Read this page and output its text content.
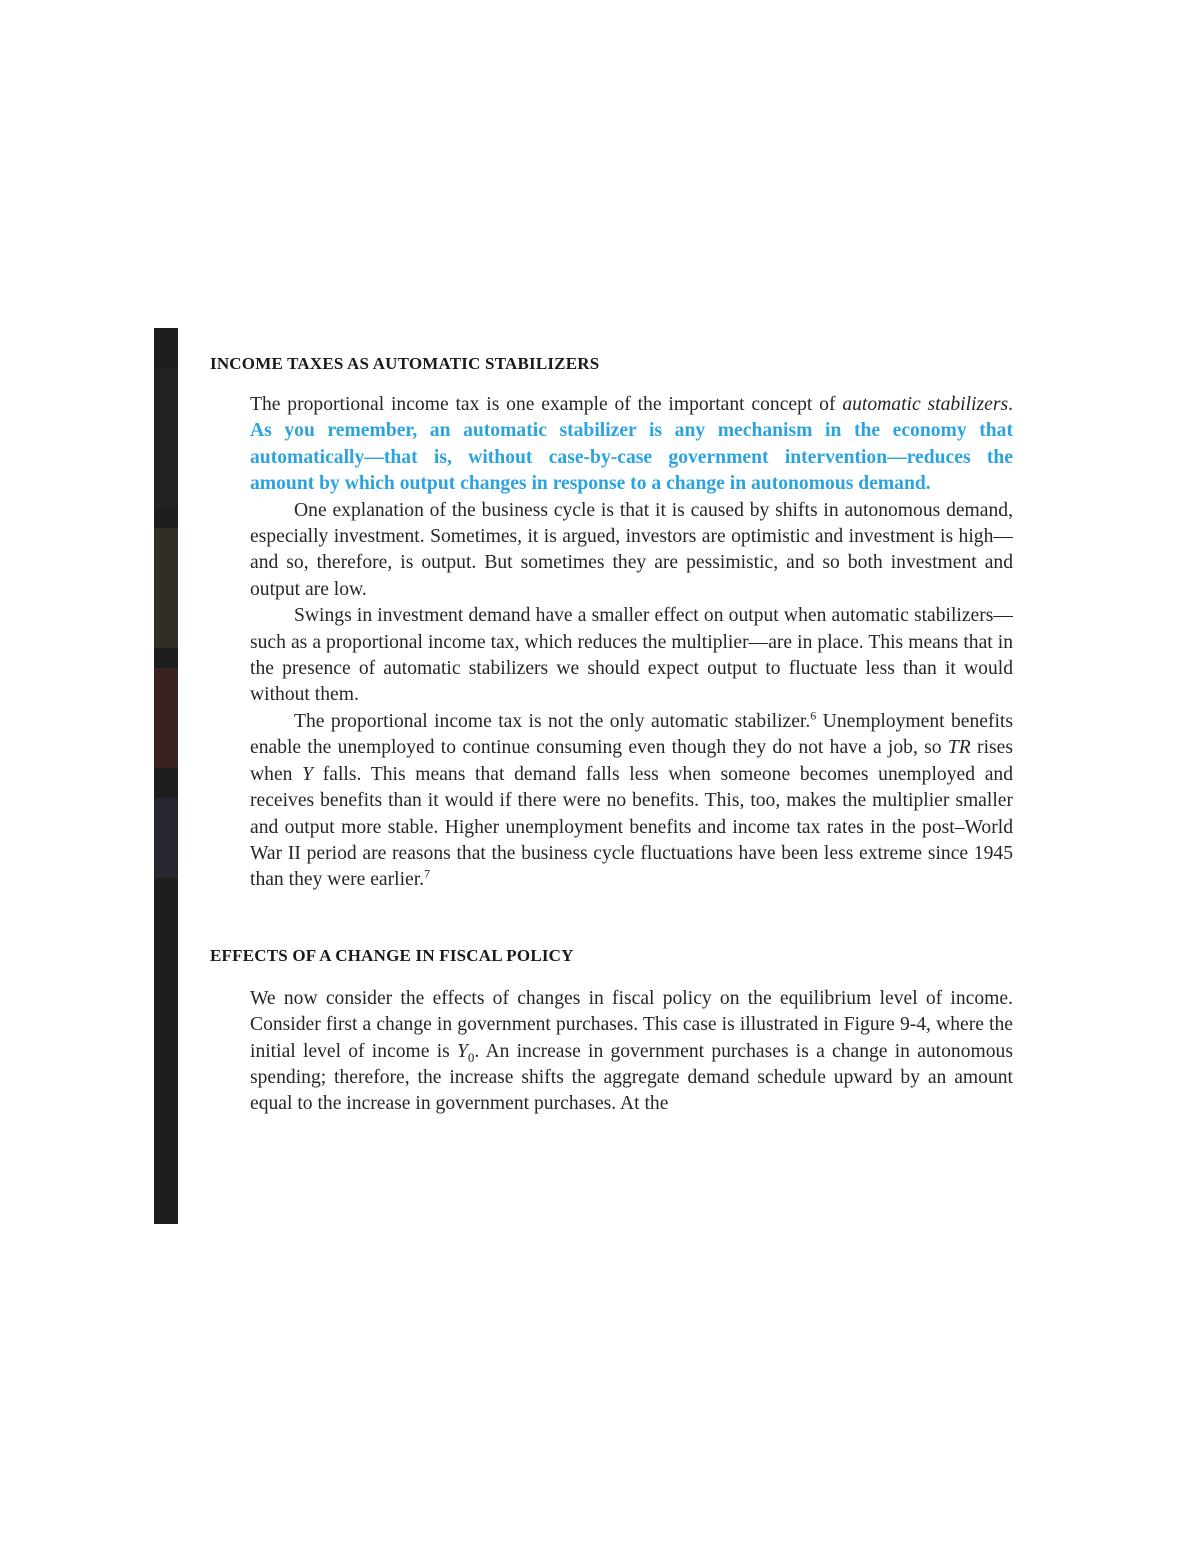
INCOME TAXES AS AUTOMATIC STABILIZERS

The proportional income tax is one example of the important concept of automatic stabilizers. As you remember, an automatic stabilizer is any mechanism in the economy that automatically—that is, without case-by-case government intervention—reduces the amount by which output changes in response to a change in autonomous demand.

One explanation of the business cycle is that it is caused by shifts in autonomous demand, especially investment. Sometimes, it is argued, investors are optimistic and investment is high—and so, therefore, is output. But sometimes they are pessimistic, and so both investment and output are low.

Swings in investment demand have a smaller effect on output when automatic stabilizers—such as a proportional income tax, which reduces the multiplier—are in place. This means that in the presence of automatic stabilizers we should expect output to fluctuate less than it would without them.

The proportional income tax is not the only automatic stabilizer.$^6$ Unemployment benefits enable the unemployed to continue consuming even though they do not have a job, so TR rises when Y falls. This means that demand falls less when someone becomes unemployed and receives benefits than it would if there were no benefits. This, too, makes the multiplier smaller and output more stable. Higher unemployment benefits and income tax rates in the post–World War II period are reasons that the business cycle fluctuations have been less extreme since 1945 than they were earlier.$^7$

EFFECTS OF A CHANGE IN FISCAL POLICY

We now consider the effects of changes in fiscal policy on the equilibrium level of income. Consider first a change in government purchases. This case is illustrated in Figure 9-4, where the initial level of income is $Y_0$. An increase in government purchases is a change in autonomous spending; therefore, the increase shifts the aggregate demand schedule upward by an amount equal to the increase in government purchases. At the
